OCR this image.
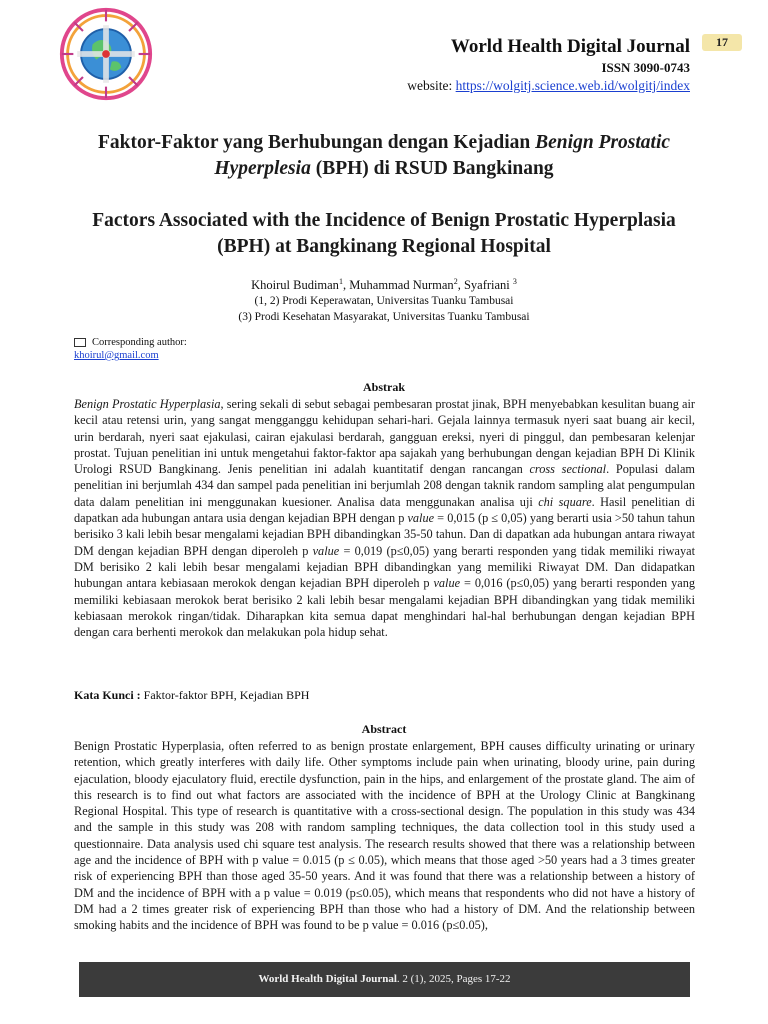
17
World Health Digital Journal
ISSN 3090-0743
website: https://wolgitj.science.web.id/wolgitj/index
Faktor-Faktor yang Berhubungan dengan Kejadian Benign Prostatic Hyperplesia (BPH) di RSUD Bangkinang
Factors Associated with the Incidence of Benign Prostatic Hyperplasia (BPH) at Bangkinang Regional Hospital
Khoirul Budiman$^1$, Muhammad Nurman$^2$, Syafriani $^3$
(1, 2) Prodi Keperawatan, Universitas Tuanku Tambusai
(3) Prodi Kesehatan Masyarakat, Universitas Tuanku Tambusai
Corresponding author:
khoirul@gmail.com
Abstrak
Benign Prostatic Hyperplasia, sering sekali di sebut sebagai pembesaran prostat jinak, BPH menyebabkan kesulitan buang air kecil atau retensi urin, yang sangat mengganggu kehidupan sehari-hari. Gejala lainnya termasuk nyeri saat buang air kecil, urin berdarah, nyeri saat ejakulasi, cairan ejakulasi berdarah, gangguan ereksi, nyeri di pinggul, dan pembesaran kelenjar prostat. Tujuan penelitian ini untuk mengetahui faktor-faktor apa sajakah yang berhubungan dengan kejadian BPH Di Klinik Urologi RSUD Bangkinang. Jenis penelitian ini adalah kuantitatif dengan rancangan cross sectional. Populasi dalam penelitian ini berjumlah 434 dan sampel pada penelitian ini berjumlah 208 dengan taknik random sampling alat pengumpulan data dalam penelitian ini menggunakan kuesioner. Analisa data menggunakan analisa uji chi square. Hasil penelitian di dapatkan ada hubungan antara usia dengan kejadian BPH dengan p value = 0,015 (p ≤ 0,05) yang berarti usia >50 tahun tahun berisiko 3 kali lebih besar mengalami kejadian BPH dibandingkan 35-50 tahun. Dan di dapatkan ada hubungan antara riwayat DM dengan kejadian BPH dengan diperoleh p value = 0,019 (p≤0,05) yang berarti responden yang tidak memiliki riwayat DM berisiko 2 kali lebih besar mengalami kejadian BPH dibandingkan yang memiliki Riwayat DM. Dan didapatkan hubungan antara kebiasaan merokok dengan kejadian BPH diperoleh p value = 0,016 (p≤0,05) yang berarti responden yang memiliki kebiasaan merokok berat berisiko 2 kali lebih besar mengalami kejadian BPH dibandingkan yang tidak memiliki kebiasaan merokok ringan/tidak. Diharapkan kita semua dapat menghindari hal-hal berhubungan dengan kejadian BPH dengan cara berhenti merokok dan melakukan pola hidup sehat.
Kata Kunci : Faktor-faktor BPH, Kejadian BPH
Abstract
Benign Prostatic Hyperplasia, often referred to as benign prostate enlargement, BPH causes difficulty urinating or urinary retention, which greatly interferes with daily life. Other symptoms include pain when urinating, bloody urine, pain during ejaculation, bloody ejaculatory fluid, erectile dysfunction, pain in the hips, and enlargement of the prostate gland. The aim of this research is to find out what factors are associated with the incidence of BPH at the Urology Clinic at Bangkinang Regional Hospital. This type of research is quantitative with a cross-sectional design. The population in this study was 434 and the sample in this study was 208 with random sampling techniques, the data collection tool in this study used a questionnaire. Data analysis used chi square test analysis. The research results showed that there was a relationship between age and the incidence of BPH with p value = 0.015 (p ≤ 0.05), which means that those aged >50 years had a 3 times greater risk of experiencing BPH than those aged 35-50 years. And it was found that there was a relationship between a history of DM and the incidence of BPH with a p value = 0.019 (p≤0.05), which means that respondents who did not have a history of DM had a 2 times greater risk of experiencing BPH than those who had a history of DM. And the relationship between smoking habits and the incidence of BPH was found to be p value = 0.016 (p≤0.05),
World Health Digital Journal. 2 (1), 2025, Pages 17-22
